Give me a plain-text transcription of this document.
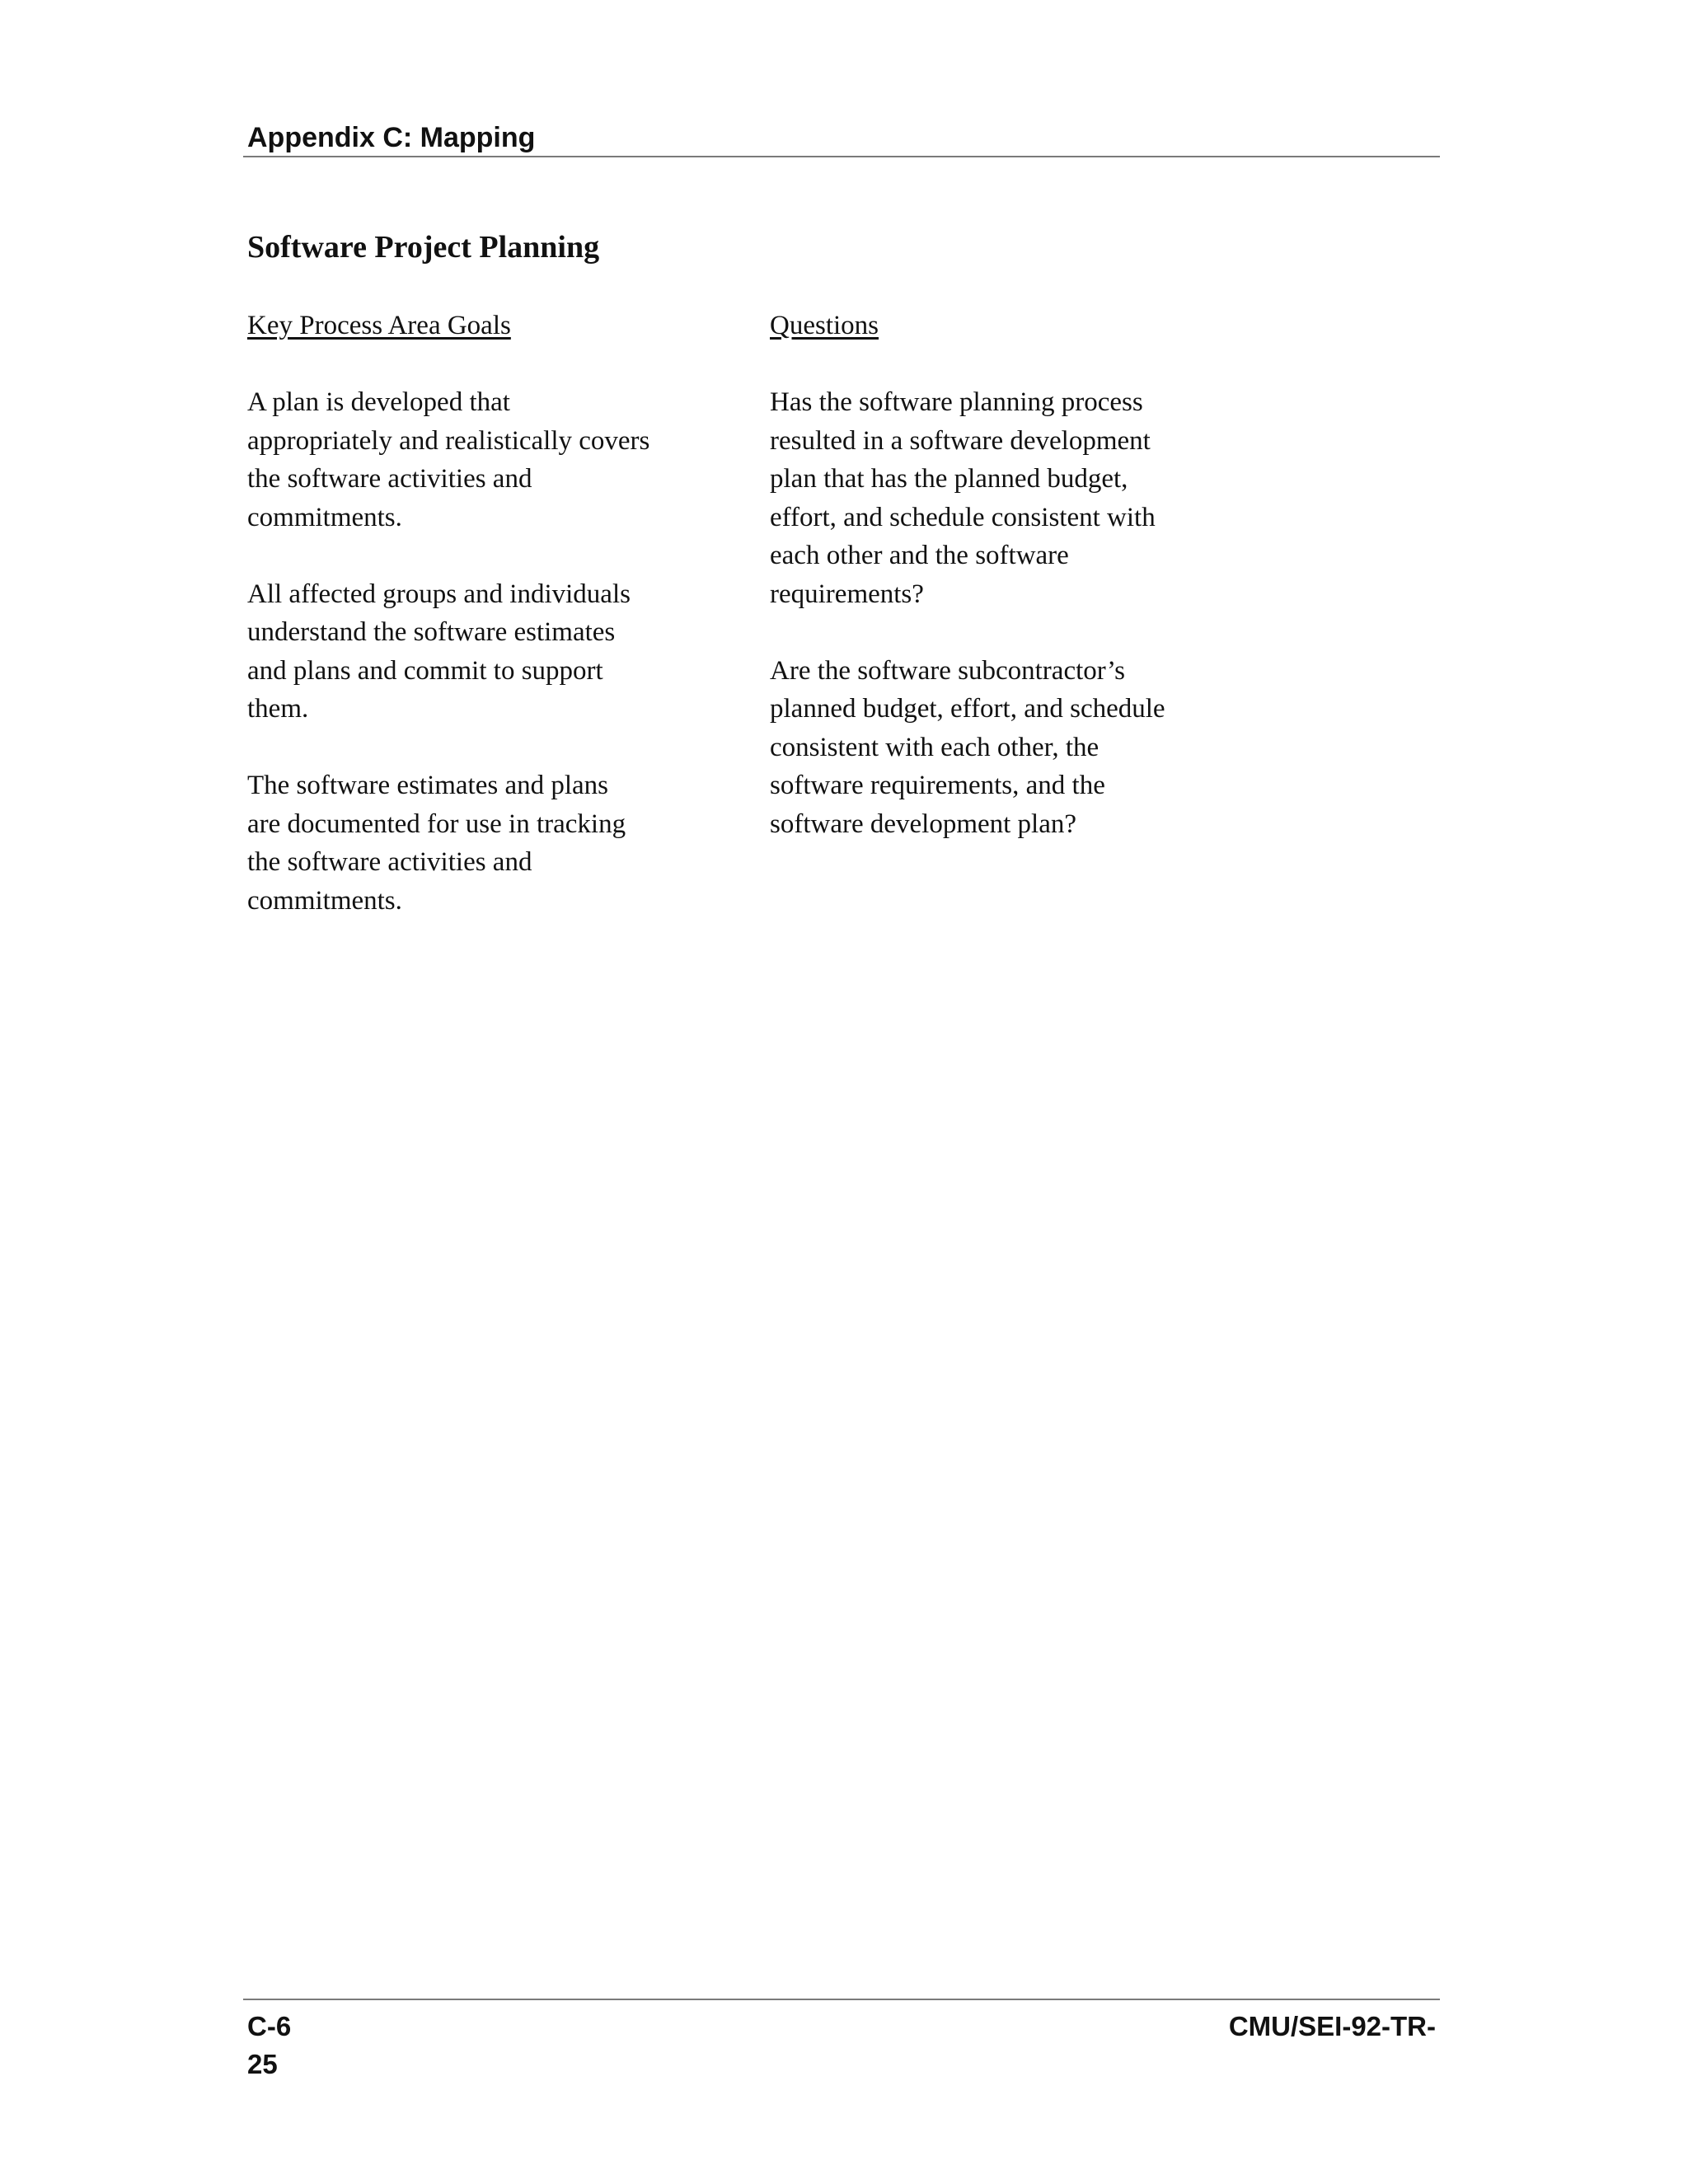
Appendix C: Mapping
Software Project Planning

Key Process Area Goals

A plan is developed that
appropriately and realistically covers
the software activities and
commitments.

All affected groups and individuals
understand the software estimates
and plans and commit to support
them.

The software estimates and plans
are documented for use in tracking
the software activities and
commitments.

Questions

Has the software planning process
resulted in a software development
plan that has the planned budget,
effort, and schedule consistent with
each other and the software
requirements?

Are the software subcontractor’s
planned budget, effort, and schedule
consistent with each other, the
software requirements, and the
software development plan?

C-6
25
CMU/SEI-92-TR-
